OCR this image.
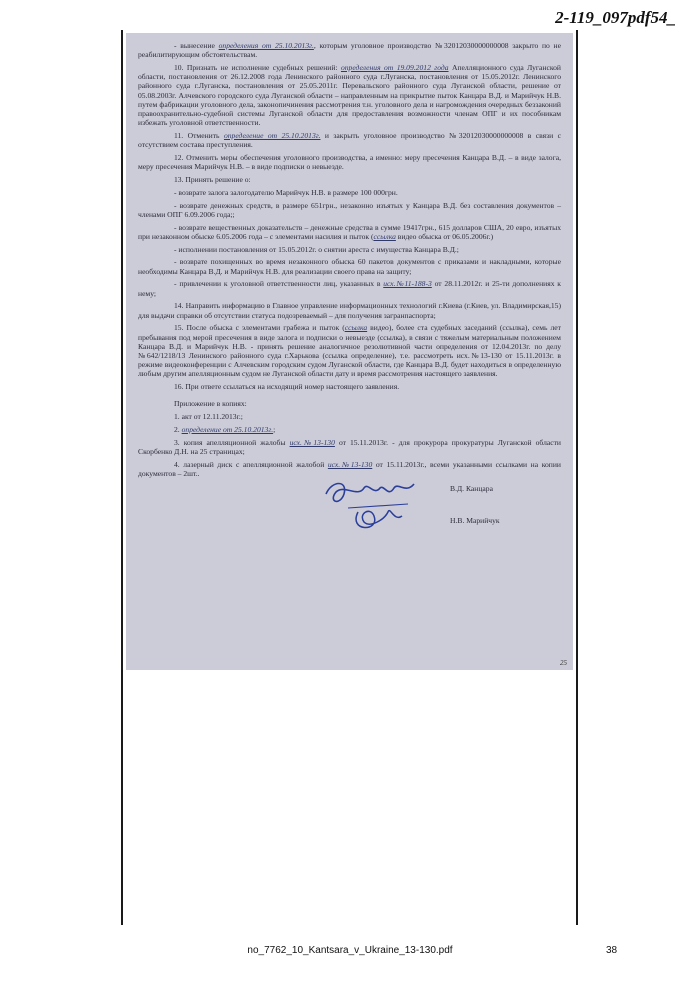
2-119_097pdf54_

- вынесение определения от 25.10.2013г., которым уголовное производство №32012030000000008 закрыто по не реабилитирующим обстоятельствам.

10. Признать не исполнение судебных решений: определения от 19.09.2012 года Апелляционного суда Луганской области, постановления от 26.12.2008 года Ленинского районного суда г.Луганска, постановления от 15.05.2012г. Ленинского районного суда г.Луганска, постановления от 25.05.2011г. Перевальского районного суда Луганской области, решение от 05.08.2003г. Алчевского городского суда Луганской области – направленным на прикрытие пыток Канцара В.Д. и Марийчук Н.В. путем фабрикации уголовного дела, законопичинения рассмотрения т.н. уголовного дела и нагромождения очередных беззаконий правоохранительно-судебной системы Луганской области для предоставления возможности членам ОПГ и их пособникам избежать уголовной ответственности.

11. Отменить определение от 25.10.2013г. и закрыть уголовное производство №32012030000000008 в связи с отсутствием состава преступления.

12. Отменить меры обеспечения уголовного производства, а именно: меру пресечения Канцара В.Д. – в виде залога, меру пресечения Марийчук Н.В. – в виде подписки о невыезде.

13. Принять решение о:

- возврате залога залогодателю Марийчук Н.В. в размере 100 000грн.

- возврате денежных средств, в размере 651грн., незаконно изъятых у Канцара В.Д. без составления документов – членами ОПГ 6.09.2006 года;;

- возврате вещественных доказательств – денежные средства в сумме 19417грн., 615 долларов США, 20 евро, изъятых при незаконном обыске 6.05.2006 года – с элементами насилия и пыток (ссылка видео обыска от 06.05.2006г.)

- исполнении постановления от 15.05.2012г. о снятии ареста с имущества Канцара В.Д.;

- возврате похищенных во время незаконного обыска 60 пакетов документов с приказами и накладными, которые необходимы Канцара В.Д. и Марийчук Н.В. для реализации своего права на защиту;

- привлечении к уголовной ответственности лиц, указанных в исх.№11-188-3 от 28.11.2012г. и 25-ти дополнениях к нему;

14. Направить информацию в Главное управление информационных технологий г.Киева (г.Киев, ул. Владимирская,15) для выдачи справки об отсутствии статуса подозреваемый – для получения загранпаспорта;

15. После обыска с элементами грабежа и пыток (ссылка видео), более ста судебных заседаний (ссылка), семь лет пребывания под мерой пресечения в виде залога и подписки о невыезде (ссылка), в связи с тяжелым материальным положением Канцара В.Д. и Марийчук Н.В. - принять решение аналогичное резолютивной части определения от 12.04.2013г. по делу №642/1218/13 Ленинского районного суда г.Харькова (ссылка определение), т.е. рассмотреть исх.№13-130 от 15.11.2013г. в режиме видеоконференции с Алчевским городским судом Луганской области, где Канцара В.Д. будет находиться в определенную любым другим апелляционным судом не Луганской области дату и время рассмотрения настоящего заявления.

16. При ответе ссылаться на исходящий номер настоящего заявления.

Приложение в копиях:

1. акт от 12.11.2013г.;

2. определение от 25.10.2013г.;

3. копия апелляционной жалобы исх.№13-130 от 15.11.2013г. - для прокурора прокуратуры Луганской области Скорбенко Д.Н. на 25 страницах;

4. лазерный диск с апелляционной жалобой исх.№13-130 от 15.11.2013г., всеми указанными ссылками на копии документов – 2шт..

В.Д. Канцара
Н.В. Марийчук
25
no_7762_10_Kantsara_v_Ukraine_13-130.pdf	38
